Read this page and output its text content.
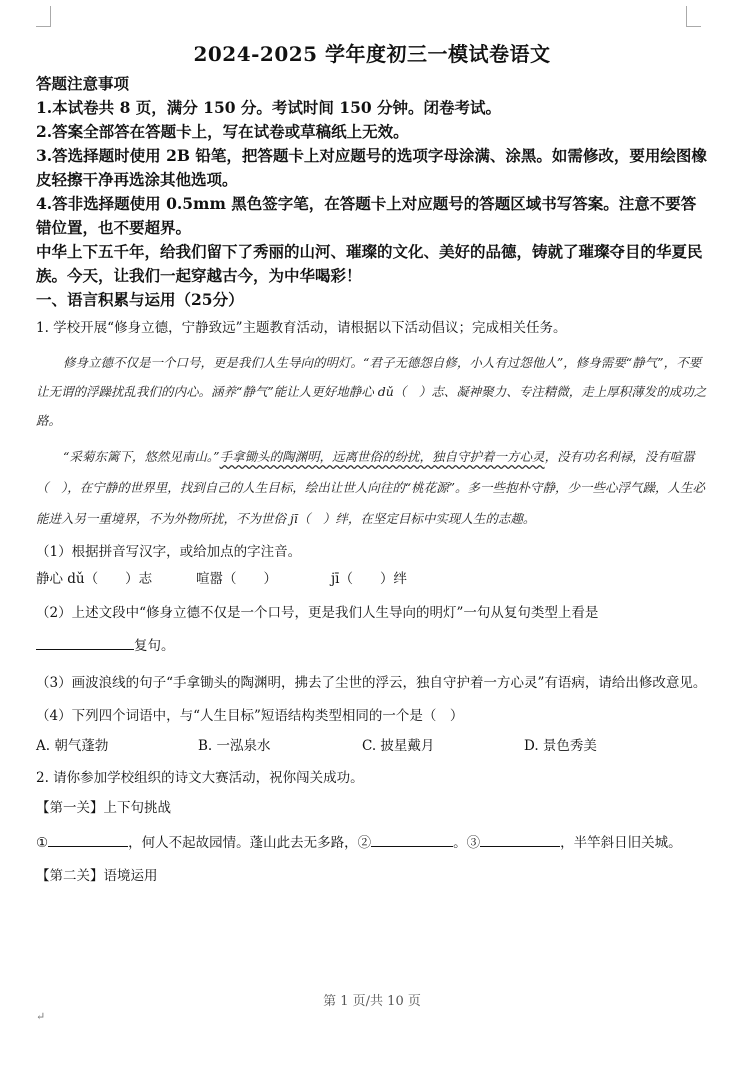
2024-2025 学年度初三一模试卷语文

答题注意事项

1.本试卷共 8 页，满分 150 分。考试时间 150 分钟。闭卷考试。

2.答案全部答在答题卡上，写在试卷或草稿纸上无效。

3.答选择题时使用 2B 铅笔，把答题卡上对应题号的选项字母涂满、涂黑。如需修改，要用绘图橡皮轻擦干净再选涂其他选项。

4.答非选择题使用 0.5mm 黑色签字笔，在答题卡上对应题号的答题区域书写答案。注意不要答错位置，也不要超界。

中华上下五千年，给我们留下了秀丽的山河、璀璨的文化、美好的品德，铸就了璀璨夺目的华夏民族。今天，让我们一起穿越古今，为中华喝彩！

一、语言积累与运用（25分）

1. 学校开展“修身立德，宁静致远”主题教育活动，请根据以下活动倡议；完成相关任务。

修身立德不仅是一个口号，更是我们人生导向的明灯。“君子无德怨自修，小人有过怨他人”，修身需要“静气”，不要让无谓的浮躁扰乱我们的内心。涵养“静气”能让人更好地静心 dǔ（　）志、凝神聚力、专注精微，走上厚积薄发的成功之路。

“采菊东篱下，悠然见南山。”手拿锄头的陶渊明，远离世俗的纷扰，独自守护着一方心灵，没有功名利禄，没有喧嚣（　），在宁静的世界里，找到自己的人生目标，绘出让世人向往的“桃花源”。多一些抱朴守静，少一些心浮气躁，人生必能进入另一重境界，不为外物所扰，不为世俗 jī（　）绊，在坚定目标中实现人生的志趣。

（1）根据拼音写汉字，或给加点的字注音。

静心 dǔ（　　）志	喧嚣（　　）	jī（　　）绊

（2）上述文段中“修身立德不仅是一个口号，更是我们人生导向的明灯”一句从复句类型上看是

复句。

（3）画波浪线的句子“手拿锄头的陶渊明，拂去了尘世的浮云，独自守护着一方心灵”有语病，请给出修改意见。

（4）下列四个词语中，与“人生目标”短语结构类型相同的一个是（　）

A. 朝气蓬勃	B. 一泓泉水	C. 披星戴月	D. 景色秀美

2. 请你参加学校组织的诗文大赛活动，祝你闯关成功。

【第一关】上下句挑战

①	，何人不起故园情。蓬山此去无多路，②	。③	，半竿斜日旧关城。

【第二关】语境运用

第 1 页/共 10 页
↵
